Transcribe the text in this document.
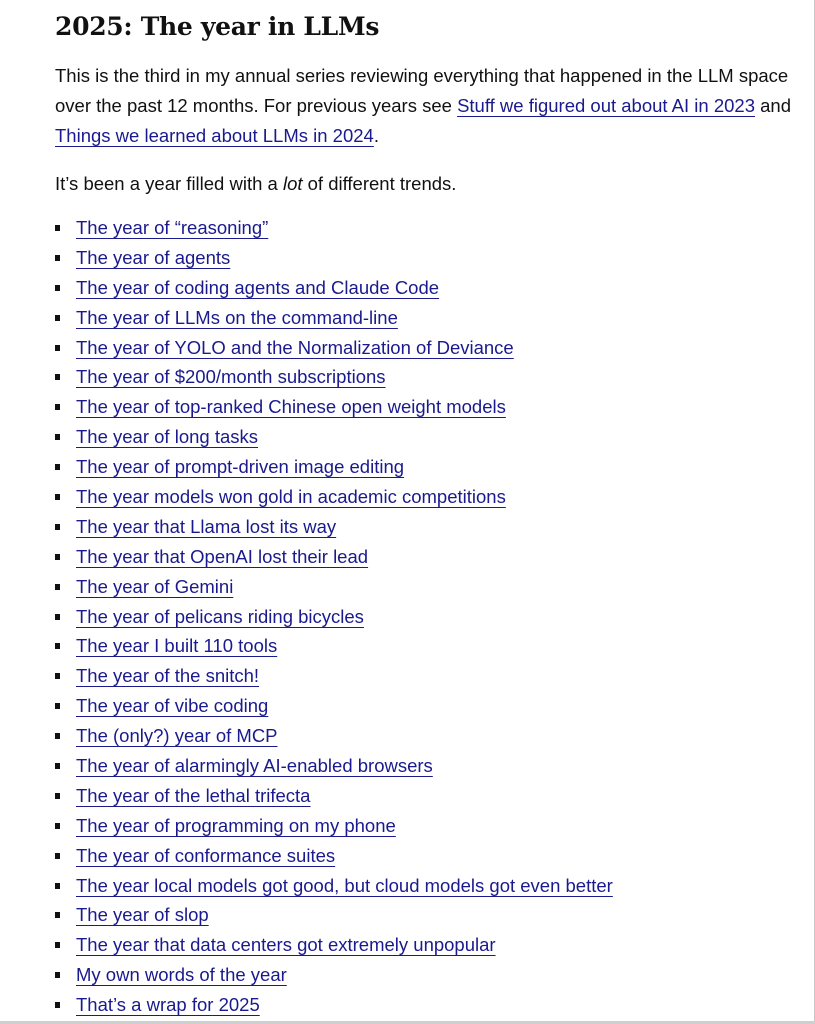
2025: The year in LLMs

This is the third in my annual series reviewing everything that happened in the LLM space over the past 12 months. For previous years see Stuff we figured out about AI in 2023 and Things we learned about LLMs in 2024.

It’s been a year filled with a lot of different trends.

The year of “reasoning”
The year of agents
The year of coding agents and Claude Code
The year of LLMs on the command-line
The year of YOLO and the Normalization of Deviance
The year of $200/month subscriptions
The year of top-ranked Chinese open weight models
The year of long tasks
The year of prompt-driven image editing
The year models won gold in academic competitions
The year that Llama lost its way
The year that OpenAI lost their lead
The year of Gemini
The year of pelicans riding bicycles
The year I built 110 tools
The year of the snitch!
The year of vibe coding
The (only?) year of MCP
The year of alarmingly AI-enabled browsers
The year of the lethal trifecta
The year of programming on my phone
The year of conformance suites
The year local models got good, but cloud models got even better
The year of slop
The year that data centers got extremely unpopular
My own words of the year
That’s a wrap for 2025
